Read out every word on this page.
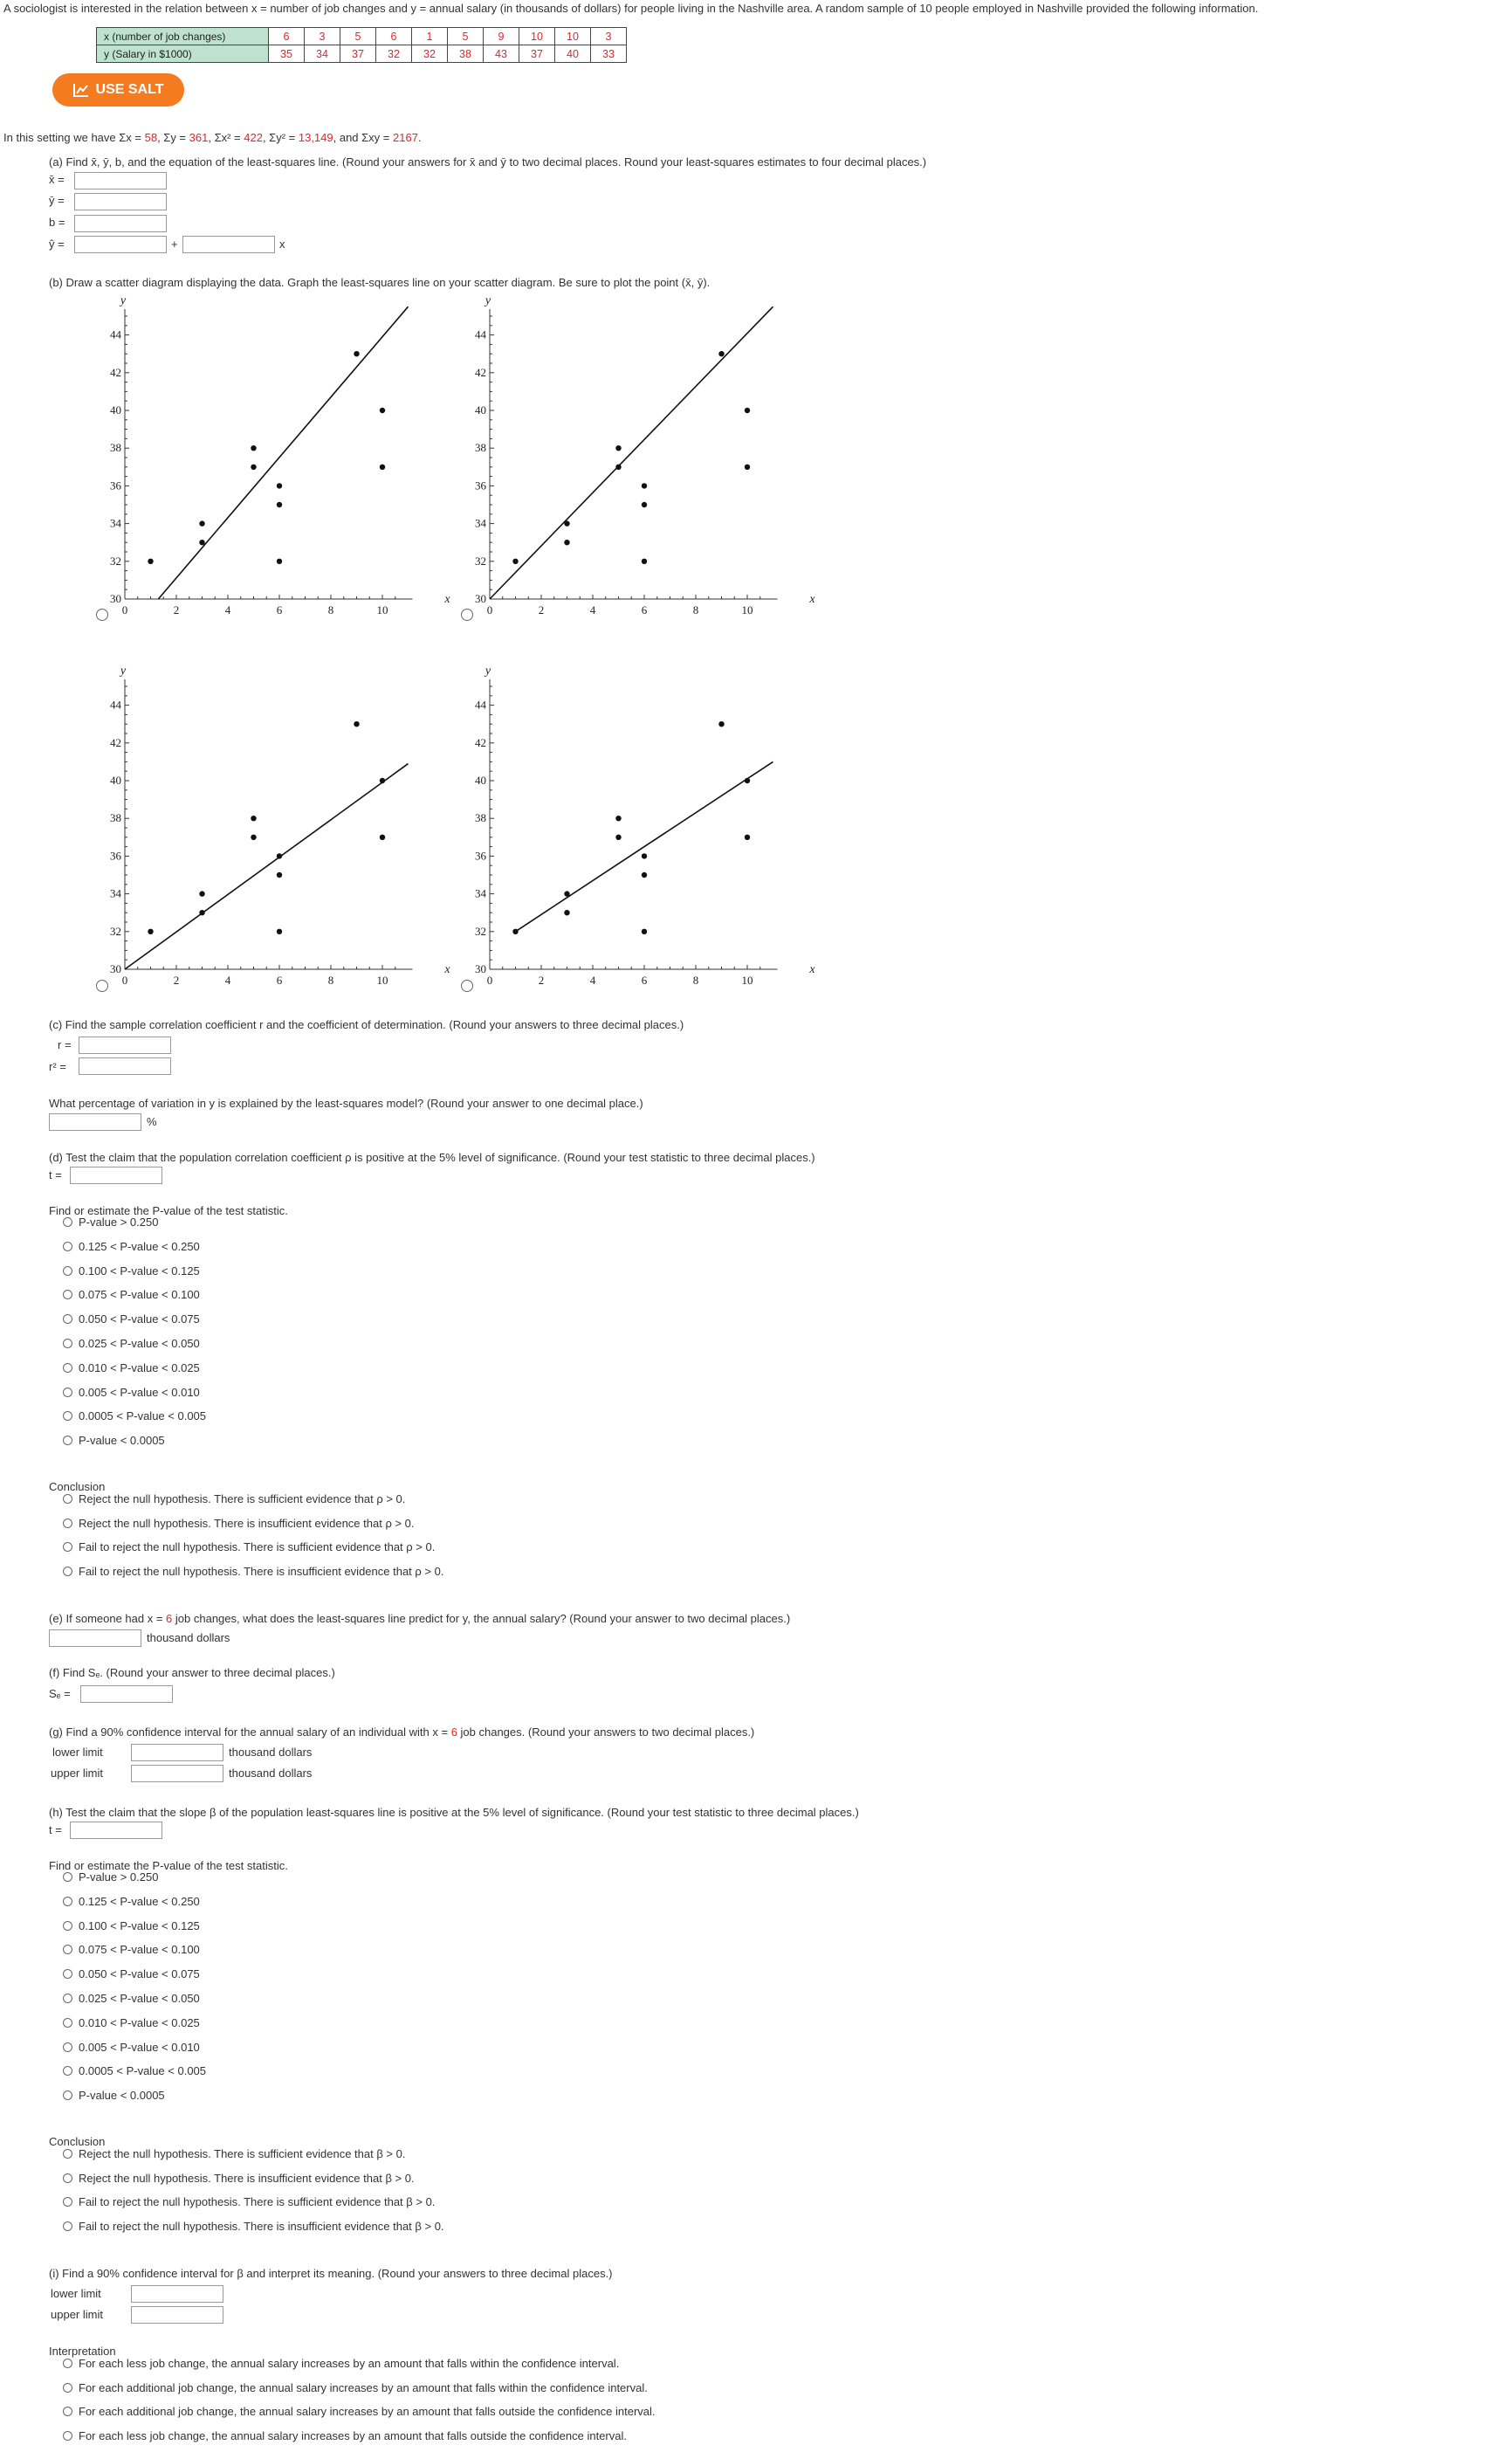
A sociologist is interested in the relation between x = number of job changes and y = annual salary (in thousands of dollars) for people living in the Nashville area. A random sample of 10 people employed in Nashville provided the following information.
x (number of job changes)	6	3	5	6	1	5	9	10	10	3
y (Salary in $1000)	35	34	37	32	32	38	43	37	40	33
USE SALT
In this setting we have Σx = 58, Σy = 361, Σx² = 422, Σy² = 13,149, and Σxy = 2167.
(a) Find x̄, ȳ, b, and the equation of the least-squares line. (Round your answers for x̄ and ȳ to two decimal places. Round your least-squares estimates to four decimal places.)
x̄ =
ȳ =
b =
ŷ =	+	x
(b) Draw a scatter diagram displaying the data. Graph the least-squares line on your scatter diagram. Be sure to plot the point (x̄, ȳ).
0	2	4	6	8	10
30
32
34
36
38
40
42
44
y
x
0	2	4	6	8	10
30
32
34
36
38
40
42
44
y
x
0	2	4	6	8	10
30
32
34
36
38
40
42
44
y
x
0	2	4	6	8	10
30
32
34
36
38
40
42
44
y
x
(c) Find the sample correlation coefficient r and the coefficient of determination. (Round your answers to three decimal places.)
r =
r² =
What percentage of variation in y is explained by the least-squares model? (Round your answer to one decimal place.)
%
(d) Test the claim that the population correlation coefficient ρ is positive at the 5% level of significance. (Round your test statistic to three decimal places.)
t =
Find or estimate the P-value of the test statistic.
P-value > 0.250
0.125 < P-value < 0.250
0.100 < P-value < 0.125
0.075 < P-value < 0.100
0.050 < P-value < 0.075
0.025 < P-value < 0.050
0.010 < P-value < 0.025
0.005 < P-value < 0.010
0.0005 < P-value < 0.005
P-value < 0.0005
Conclusion
Reject the null hypothesis. There is sufficient evidence that ρ > 0.
Reject the null hypothesis. There is insufficient evidence that ρ > 0.
Fail to reject the null hypothesis. There is sufficient evidence that ρ > 0.
Fail to reject the null hypothesis. There is insufficient evidence that ρ > 0.
(e) If someone had x = 6 job changes, what does the least-squares line predict for y, the annual salary? (Round your answer to two decimal places.)
thousand dollars
(f) Find Sₑ. (Round your answer to three decimal places.)
Sₑ =
(g) Find a 90% confidence interval for the annual salary of an individual with x = 6 job changes. (Round your answers to two decimal places.)
lower limit	thousand dollars
upper limit	thousand dollars
(h) Test the claim that the slope β of the population least-squares line is positive at the 5% level of significance. (Round your test statistic to three decimal places.)
t =
Find or estimate the P-value of the test statistic.
P-value > 0.250
0.125 < P-value < 0.250
0.100 < P-value < 0.125
0.075 < P-value < 0.100
0.050 < P-value < 0.075
0.025 < P-value < 0.050
0.010 < P-value < 0.025
0.005 < P-value < 0.010
0.0005 < P-value < 0.005
P-value < 0.0005
Conclusion
Reject the null hypothesis. There is sufficient evidence that β > 0.
Reject the null hypothesis. There is insufficient evidence that β > 0.
Fail to reject the null hypothesis. There is sufficient evidence that β > 0.
Fail to reject the null hypothesis. There is insufficient evidence that β > 0.
(i) Find a 90% confidence interval for β and interpret its meaning. (Round your answers to three decimal places.)
lower limit
upper limit
Interpretation
For each less job change, the annual salary increases by an amount that falls within the confidence interval.
For each additional job change, the annual salary increases by an amount that falls within the confidence interval.
For each additional job change, the annual salary increases by an amount that falls outside the confidence interval.
For each less job change, the annual salary increases by an amount that falls outside the confidence interval.
